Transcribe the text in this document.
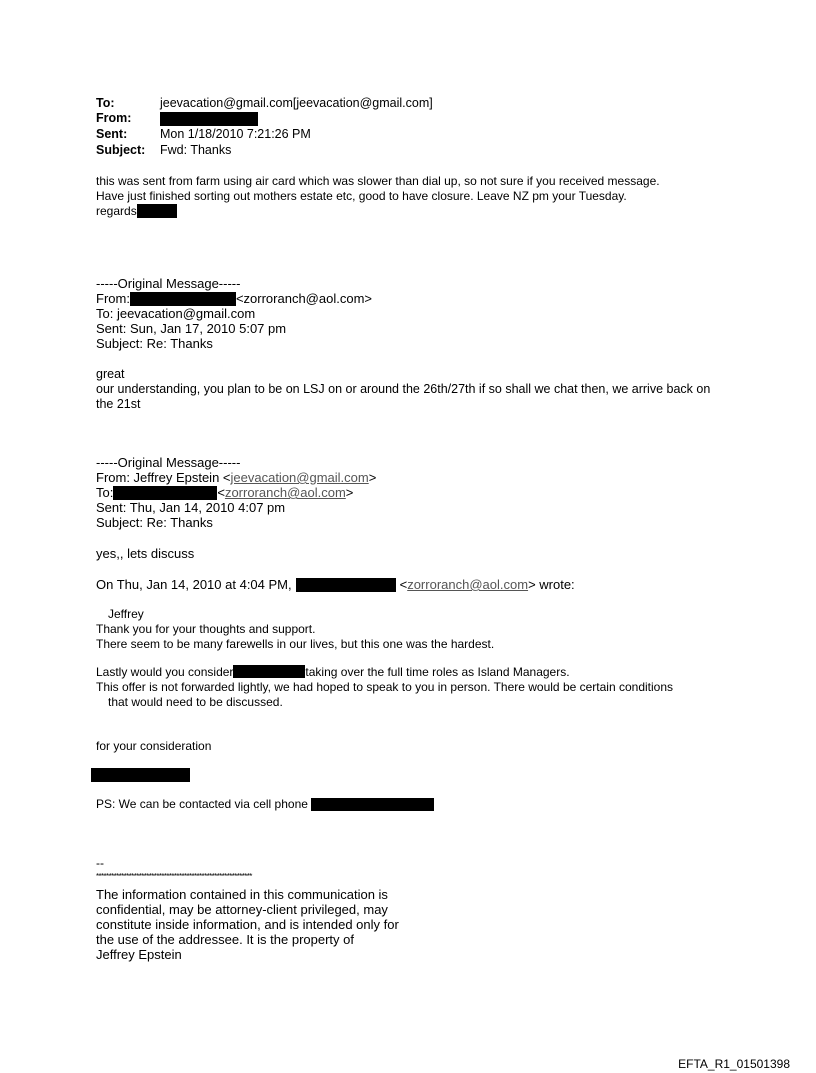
To:	jeevacation@gmail.com[jeevacation@gmail.com]
From:
Sent:	Mon 1/18/2010 7:21:26 PM
Subject: Fwd: Thanks
this was sent from farm using air card which was slower than dial up, so not sure if you received message.
Have just finished sorting out mothers estate etc, good to have closure. Leave NZ pm your Tuesday.
regards
-----Original Message-----
From:	<zorroranch@aol.com>
To: jeevacation@gmail.com
Sent: Sun, Jan 17, 2010 5:07 pm
Subject: Re: Thanks
great
our understanding, you plan to be on LSJ on or around the 26th/27th if so shall we chat then, we arrive back on
the 21st
-----Original Message-----
From: Jeffrey Epstein <jeevacation@gmail.com>
To:	<zorroranch@aol.com>
Sent: Thu, Jan 14, 2010 4:07 pm
Subject: Re: Thanks
yes,, lets discuss
On Thu, Jan 14, 2010 at 4:04 PM,	<zorroranch@aol.com> wrote:
Jeffrey
Thank you for your thoughts and support.
There seem to be many farewells in our lives, but this one was the hardest.
Lastly would you consider	taking over the full time roles as Island Managers.
This offer is not forwarded lightly, we had hoped to speak to you in person. There would be certain conditions
that would need to be discussed.
for your consideration
PS: We can be contacted via cell phone
--
**************************************************************
The information contained in this communication is
confidential, may be attorney-client privileged, may
constitute inside information, and is intended only for
the use of the addressee. It is the property of
Jeffrey Epstein
EFTA_R1_01501398
